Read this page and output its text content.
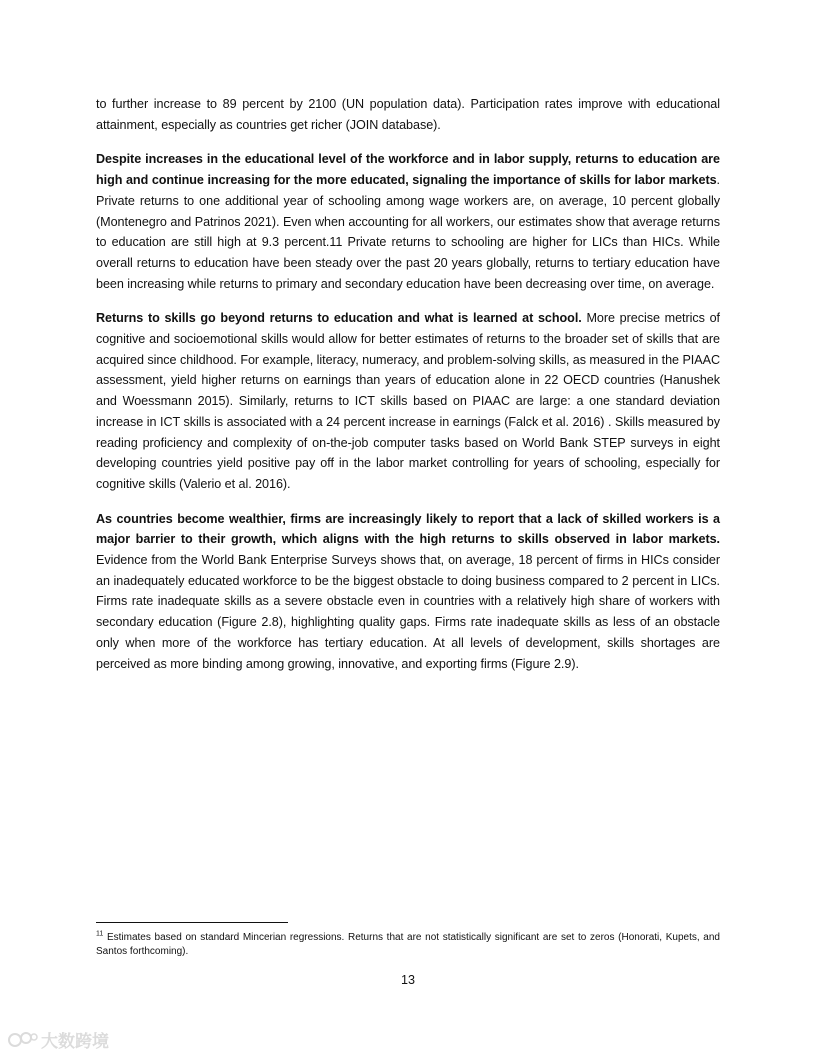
to further increase to 89 percent by 2100 (UN population data). Participation rates improve with educational attainment, especially as countries get richer (JOIN database).

Despite increases in the educational level of the workforce and in labor supply, returns to education are high and continue increasing for the more educated, signaling the importance of skills for labor markets. Private returns to one additional year of schooling among wage workers are, on average, 10 percent globally (Montenegro and Patrinos 2021). Even when accounting for all workers, our estimates show that average returns to education are still high at 9.3 percent.11 Private returns to schooling are higher for LICs than HICs. While overall returns to education have been steady over the past 20 years globally, returns to tertiary education have been increasing while returns to primary and secondary education have been decreasing over time, on average.

Returns to skills go beyond returns to education and what is learned at school. More precise metrics of cognitive and socioemotional skills would allow for better estimates of returns to the broader set of skills that are acquired since childhood. For example, literacy, numeracy, and problem-solving skills, as measured in the PIAAC assessment, yield higher returns on earnings than years of education alone in 22 OECD countries (Hanushek and Woessmann 2015). Similarly, returns to ICT skills based on PIAAC are large: a one standard deviation increase in ICT skills is associated with a 24 percent increase in earnings (Falck et al. 2016) . Skills measured by reading proficiency and complexity of on-the-job computer tasks based on World Bank STEP surveys in eight developing countries yield positive pay off in the labor market controlling for years of schooling, especially for cognitive skills (Valerio et al. 2016).

As countries become wealthier, firms are increasingly likely to report that a lack of skilled workers is a major barrier to their growth, which aligns with the high returns to skills observed in labor markets. Evidence from the World Bank Enterprise Surveys shows that, on average, 18 percent of firms in HICs consider an inadequately educated workforce to be the biggest obstacle to doing business compared to 2 percent in LICs. Firms rate inadequate skills as a severe obstacle even in countries with a relatively high share of workers with secondary education (Figure 2.8), highlighting quality gaps. Firms rate inadequate skills as less of an obstacle only when more of the workforce has tertiary education. At all levels of development, skills shortages are perceived as more binding among growing, innovative, and exporting firms (Figure 2.9).

$^{11}$ Estimates based on standard Mincerian regressions. Returns that are not statistically significant are set to zeros (Honorati, Kupets, and Santos forthcoming).
13
大数跨境
